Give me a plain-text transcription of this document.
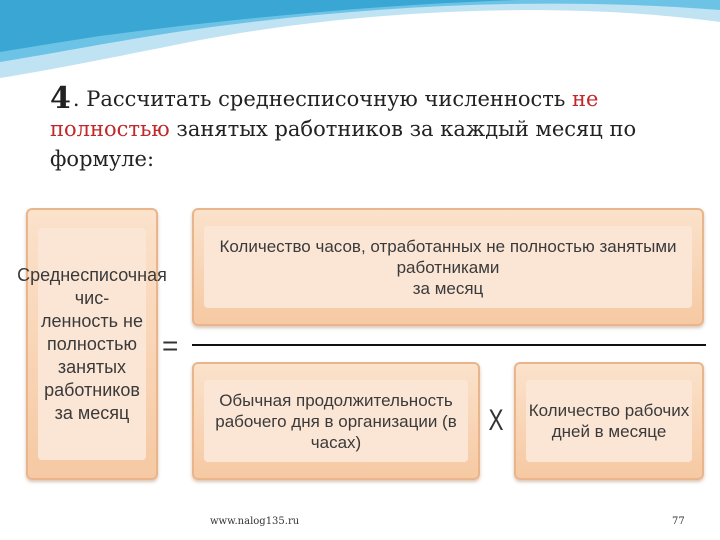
4. Рассчитать среднесписочную численность не полностью занятых работников за каждый месяц по формуле:
Среднесписочная чис-
ленность не
полностью
занятых
работников
за месяц
=
Количество часов, отработанных не полностью занятыми работниками
за месяц
Обычная продолжительность
рабочего дня в организации (в часах)
X Количество рабочих
дней в месяце
www.nalog135.ru	77
